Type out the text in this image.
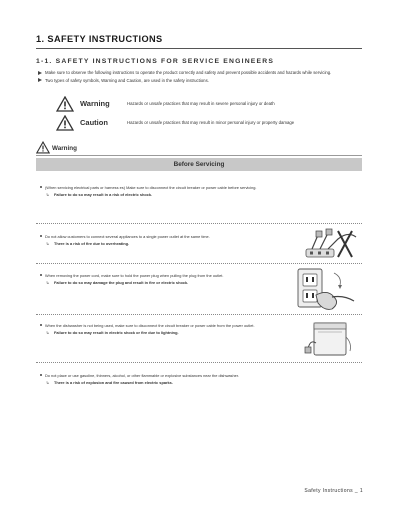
1. SAFETY INSTRUCTIONS
1-1. SAFETY INSTRUCTIONS FOR SERVICE ENGINEERS
Make sure to observe the following instructions to operate the product correctly and safety and prevent possible accidents and hazards while servicing.
Two types of safety symbols, Warning and Caution, are used in the safety instructions.
Warning	Hazards or unsafe practices that may result in severe personal injury or death
Caution	Hazards or unsafe practices that may result in minor personal injury or property damage
Warning
Before Servicing
(When servicing electrical parts or harness es) Make sure to disconnect the circuit breaker or power cable before servicing.
↳ Failure to do so may result in a risk of electric shock.
Do not allow customers to connect several appliances to a single power outlet at the same time.
↳ There is a risk of fire due to overheating.
When removing the power cord, make sure to hold the power plug when pulling the plug from the outlet.
↳ Failure to do so may damage the plug and result in fire or electric shock.
When the dishwasher is not being used, make sure to disconnect the circuit breaker or power cable from the power outlet.
↳ Failure to do so may result in electric shock or fire due to lightning.
Do not place or use gasoline, thinners, alcohol, or other flammable or explosive substances near the dishwasher.
↳ There is a risk of explosion and fire caused from electric sparks.
Safety Instructions _ 1
